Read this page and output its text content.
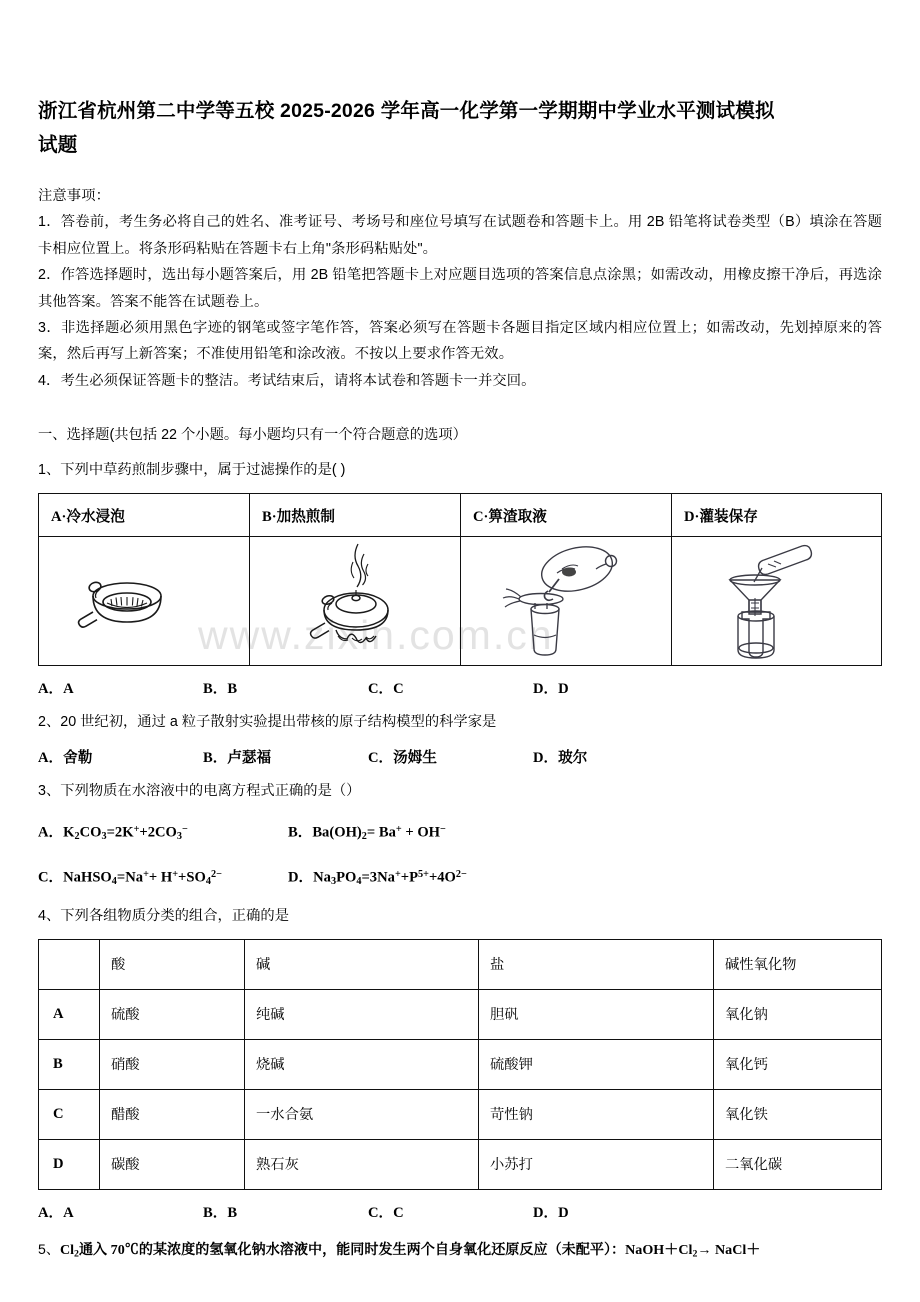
www.zixin.com.cn
浙江省杭州第二中学等五校 2025-2026 学年高一化学第一学期期中学业水平测试模拟
试题

注意事项：

1．答卷前，考生务必将自己的姓名、准考证号、考场号和座位号填写在试题卷和答题卡上。用 2B 铅笔将试卷类型（B）填涂在答题卡相应位置上。将条形码粘贴在答题卡右上角"条形码粘贴处"。

2．作答选择题时，选出每小题答案后，用 2B 铅笔把答题卡上对应题目选项的答案信息点涂黑；如需改动，用橡皮擦干净后，再选涂其他答案。答案不能答在试题卷上。

3．非选择题必须用黑色字迹的钢笔或签字笔作答，答案必须写在答题卡各题目指定区域内相应位置上；如需改动，先划掉原来的答案，然后再写上新答案；不准使用铅笔和涂改液。不按以上要求作答无效。

4．考生必须保证答题卡的整洁。考试结束后，请将本试卷和答题卡一并交回。

一、选择题(共包括 22 个小题。每小题均只有一个符合题意的选项）
1、下列中草药煎制步骤中，属于过滤操作的是( )
A·冷水浸泡	B·加热煎制	C·箅渣取液	D·灌装保存

A．A	B．B	C．C	D．D
2、20 世纪初，通过 a 粒子散射实验提出带核的原子结构模型的科学家是
A．舍勒	B．卢瑟福	C．汤姆生	D．玻尔
3、下列物质在水溶液中的电离方程式正确的是（）
A．$K_2CO_3=2K^++2CO_3^-$	B．$Ba(OH)_2= Ba^+ + OH^-$
C．NaHSO$_4$=Na++ $H^++SO_4^{2-}$	D．$Na_3PO_4=3Na^++P^{5+}+4O^{2-}$
4、下列各组物质分类的组合，正确的是
	酸	碱	盐	碱性氧化物
A	硫酸	纯碱	胆矾	氧化钠
B	硝酸	烧碱	硫酸钾	氧化钙
C	醋酸	一水合氨	苛性钠	氧化铁
D	碳酸	熟石灰	小苏打	二氧化碳
A．A	B．B	C．C	D．D
5、$Cl_2$通入 70℃的某浓度的氢氧化钠水溶液中，能同时发生两个自身氧化还原反应（未配平）：$NaOH+Cl_2\to$ NaCl＋
